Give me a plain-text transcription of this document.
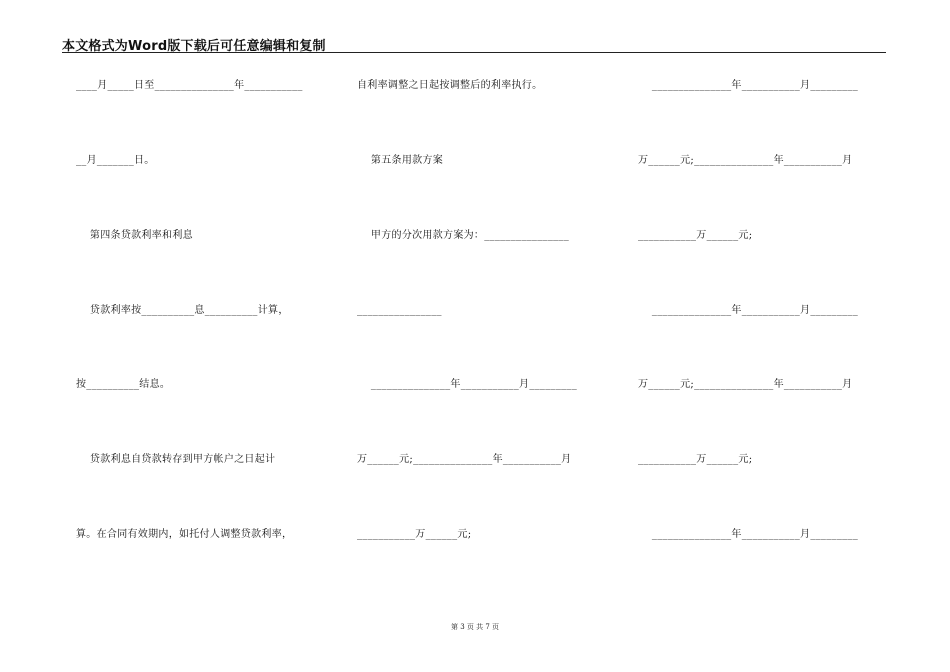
本文格式为Word版下载后可任意编辑和复制
____月_____日至_______________年___________
__月_______日。
第四条贷款利率和利息
贷款利率按__________息__________计算，
按__________结息。
贷款利息自贷款转存到甲方帐户之日起计
算。在合同有效期内，如托付人调整贷款利率，
自利率调整之日起按调整后的利率执行。
第五条用款方案
甲方的分次用款方案为：________________
________________
_______________年___________月_________
万______元;_______________年___________月
___________万______元;
_______________年___________月_________
万______元;_______________年___________月
___________万______元;
_______________年___________月_________
万______元;_______________年___________月
___________万______元;
_______________年___________月_________
第 3 页 共 7 页
